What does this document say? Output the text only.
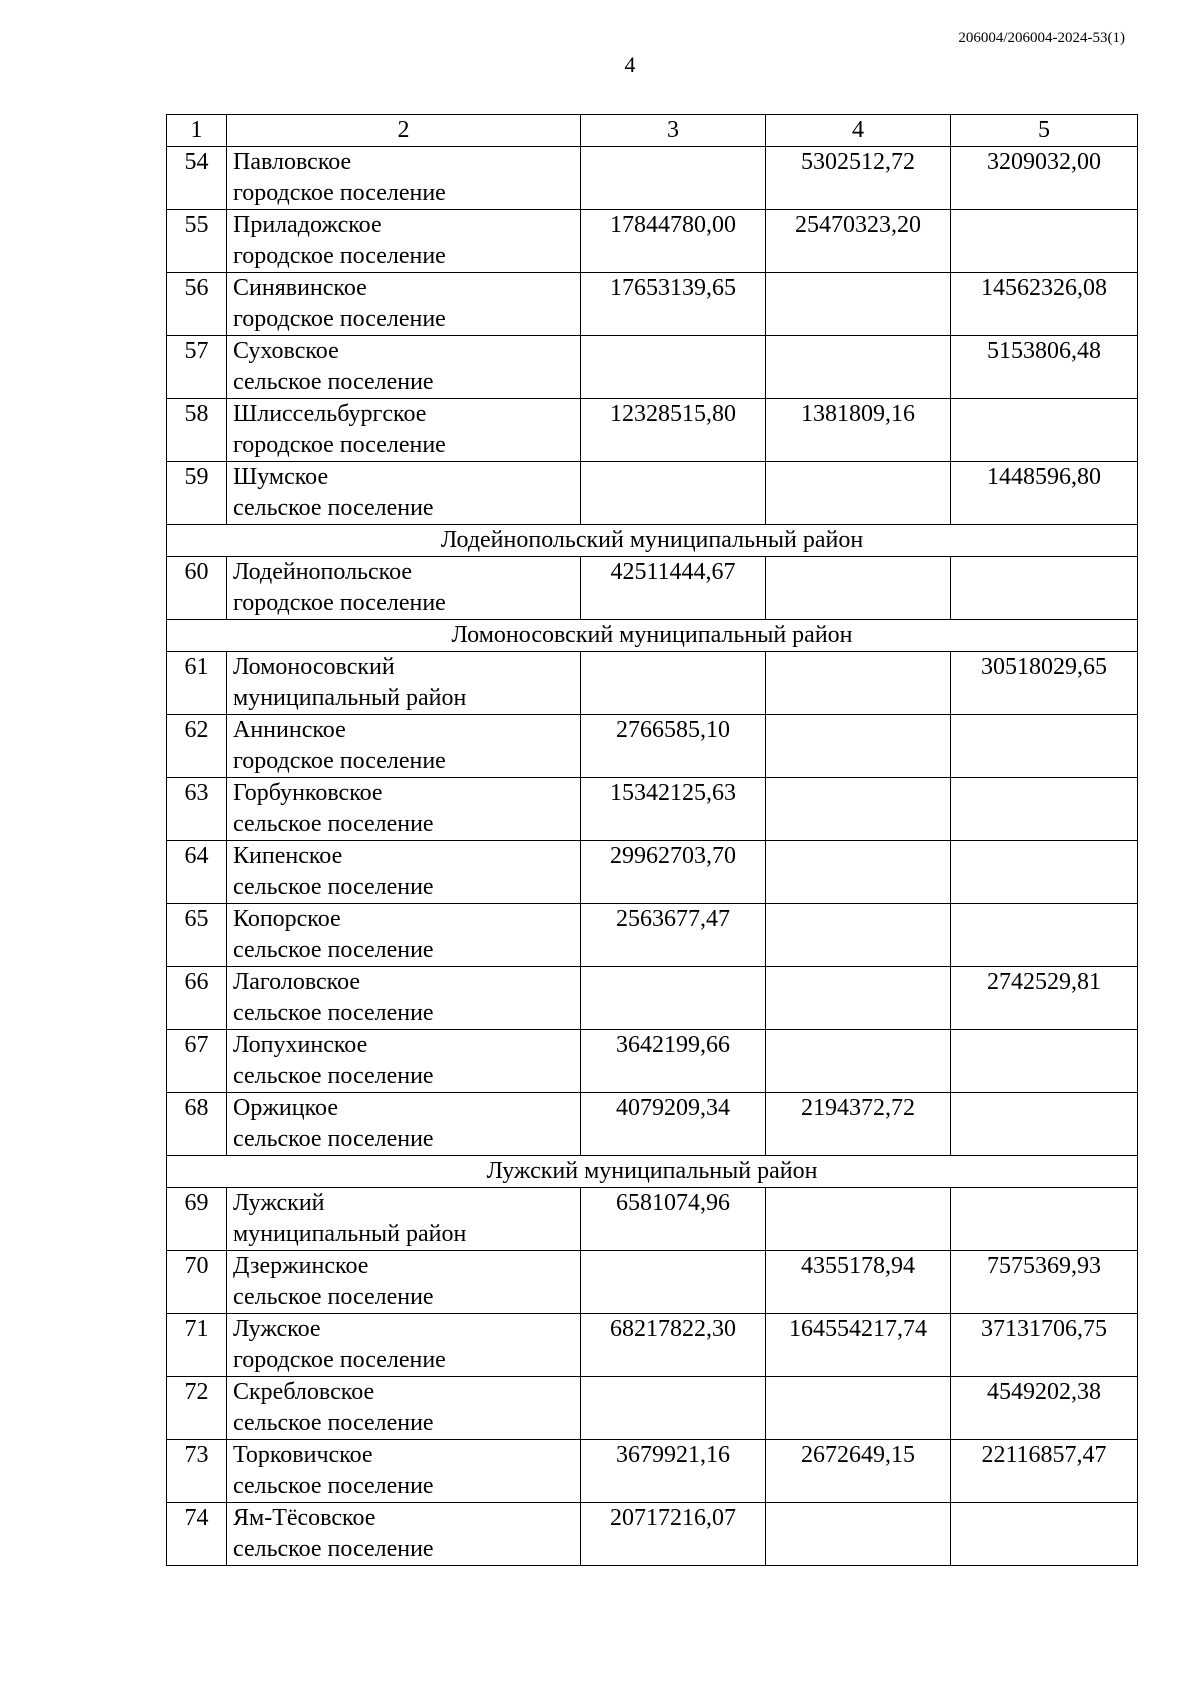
206004/206004-2024-53(1)
4
1	2	3	4	5
54	Павловское
городское поселение		5302512,72	3209032,00
55	Приладожское
городское поселение	17844780,00	25470323,20	
56	Синявинское
городское поселение	17653139,65		14562326,08
57	Суховское
сельское поселение			5153806,48
58	Шлиссельбургское
городское поселение	12328515,80	1381809,16	
59	Шумское
сельское поселение			1448596,80
Лодейнопольский муниципальный район				
60	Лодейнопольское
городское поселение	42511444,67		
Ломоносовский муниципальный район				
61	Ломоносовский
муниципальный район			30518029,65
62	Аннинское
городское поселение	2766585,10		
63	Горбунковское
сельское поселение	15342125,63		
64	Кипенское
сельское поселение	29962703,70		
65	Копорское
сельское поселение	2563677,47		
66	Лаголовское
сельское поселение			2742529,81
67	Лопухинское
сельское поселение	3642199,66		
68	Оржицкое
сельское поселение	4079209,34	2194372,72	
Лужский муниципальный район				
69	Лужский
муниципальный район	6581074,96		
70	Дзержинское
сельское поселение		4355178,94	7575369,93
71	Лужское
городское поселение	68217822,30	164554217,74	37131706,75
72	Скребловское
сельское поселение			4549202,38
73	Торковичское
сельское поселение	3679921,16	2672649,15	22116857,47
74	Ям-Тёсовское
сельское поселение	20717216,07		
